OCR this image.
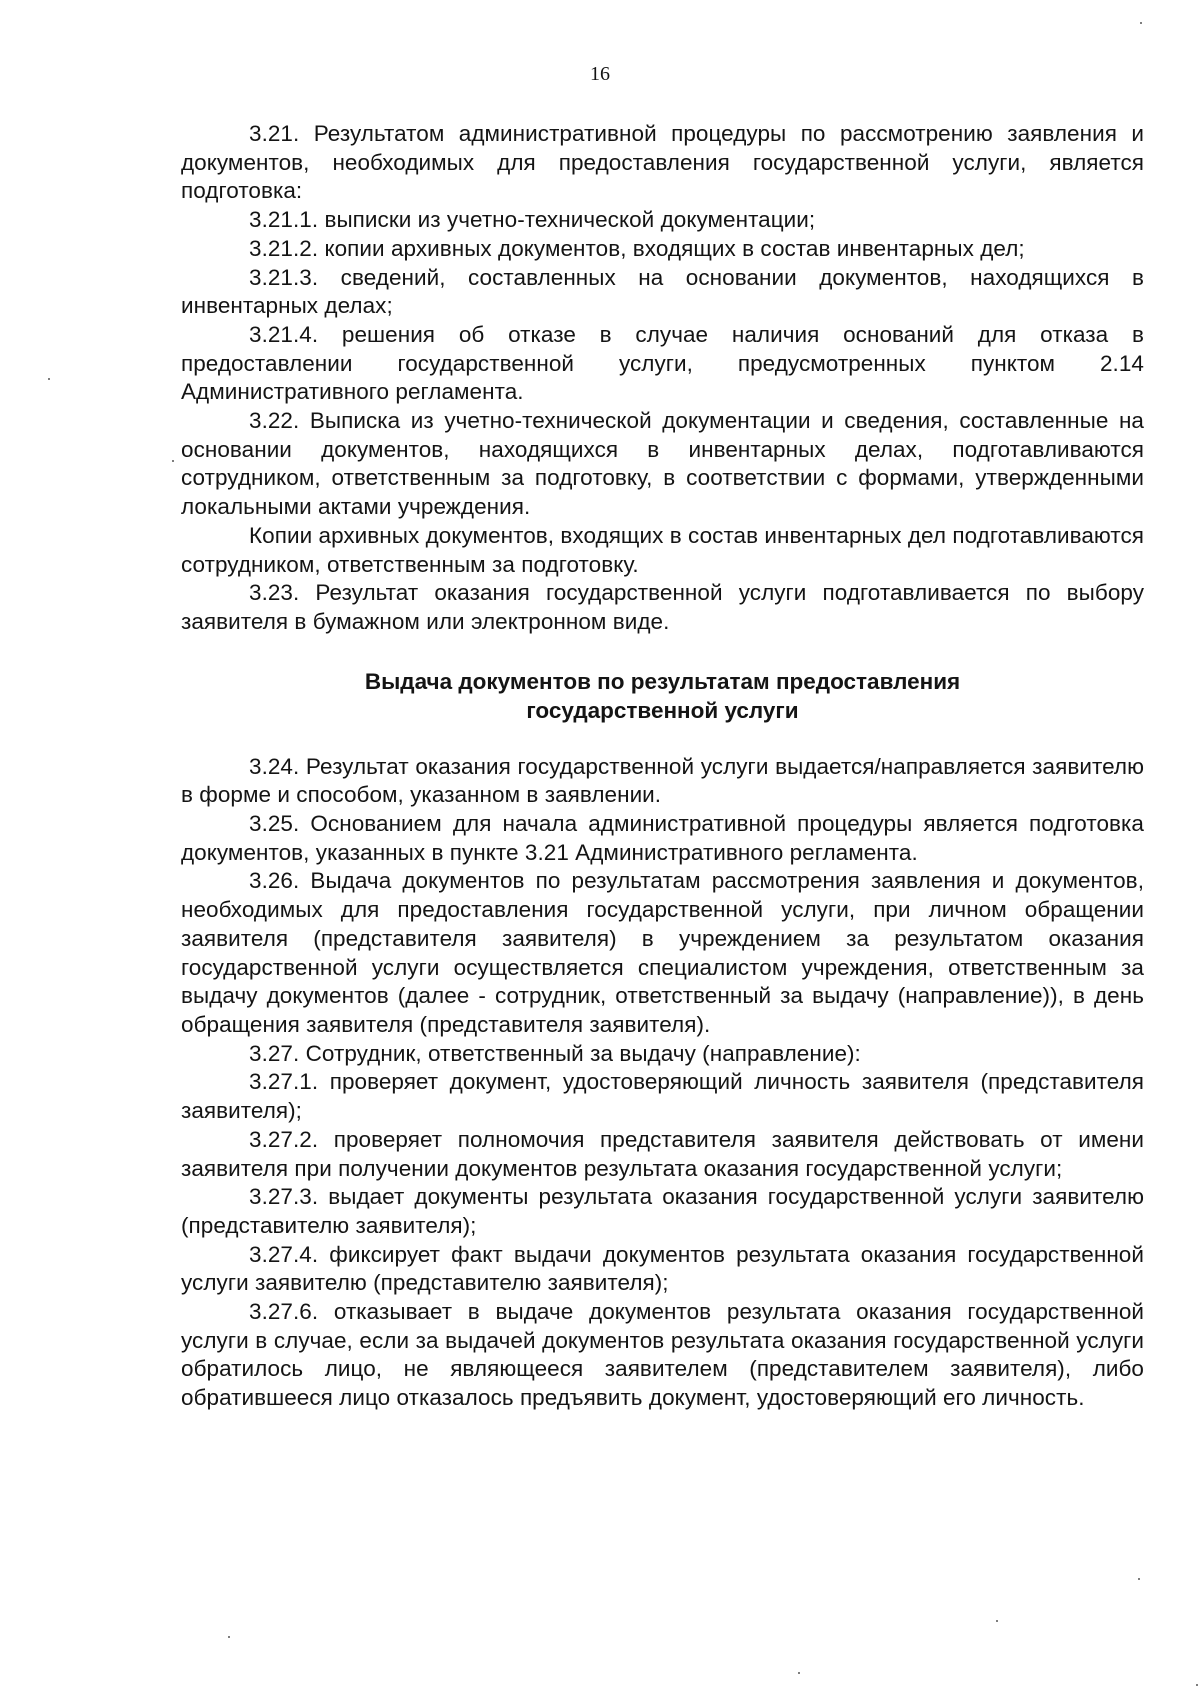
16

3.21. Результатом административной процедуры по рассмотрению заявления и документов, необходимых для предоставления государственной услуги, является подготовка:

3.21.1. выписки из учетно-технической документации;

3.21.2. копии архивных документов, входящих в состав инвентарных дел;

3.21.3. сведений, составленных на основании документов, находящихся в инвентарных делах;

3.21.4. решения об отказе в случае наличия оснований для отказа в предоставлении государственной услуги, предусмотренных пунктом 2.14 Административного регламента.

3.22. Выписка из учетно-технической документации и сведения, составленные на основании документов, находящихся в инвентарных делах, подготавливаются сотрудником, ответственным за подготовку, в соответствии с формами, утвержденными локальными актами учреждения.

Копии архивных документов, входящих в состав инвентарных дел подготавливаются сотрудником, ответственным за подготовку.

3.23. Результат оказания государственной услуги подготавливается по выбору заявителя в бумажном или электронном виде.

Выдача документов по результатам предоставления
государственной услуги

3.24. Результат оказания государственной услуги выдается/направляется заявителю в форме и способом, указанном в заявлении.

3.25. Основанием для начала административной процедуры является подготовка документов, указанных в пункте 3.21 Административного регламента.

3.26. Выдача документов по результатам рассмотрения заявления и документов, необходимых для предоставления государственной услуги, при личном обращении заявителя (представителя заявителя) в учреждением за результатом оказания государственной услуги осуществляется специалистом учреждения, ответственным за выдачу документов (далее - сотрудник, ответственный за выдачу (направление)), в день обращения заявителя (представителя заявителя).

3.27. Сотрудник, ответственный за выдачу (направление):

3.27.1. проверяет документ, удостоверяющий личность заявителя (представителя заявителя);

3.27.2. проверяет полномочия представителя заявителя действовать от имени заявителя при получении документов результата оказания государственной услуги;

3.27.3. выдает документы результата оказания государственной услуги заявителю (представителю заявителя);

3.27.4. фиксирует факт выдачи документов результата оказания государственной услуги заявителю (представителю заявителя);

3.27.6. отказывает в выдаче документов результата оказания государственной услуги в случае, если за выдачей документов результата оказания государственной услуги обратилось лицо, не являющееся заявителем (представителем заявителя), либо обратившееся лицо отказалось предъявить документ, удостоверяющий его личность.
